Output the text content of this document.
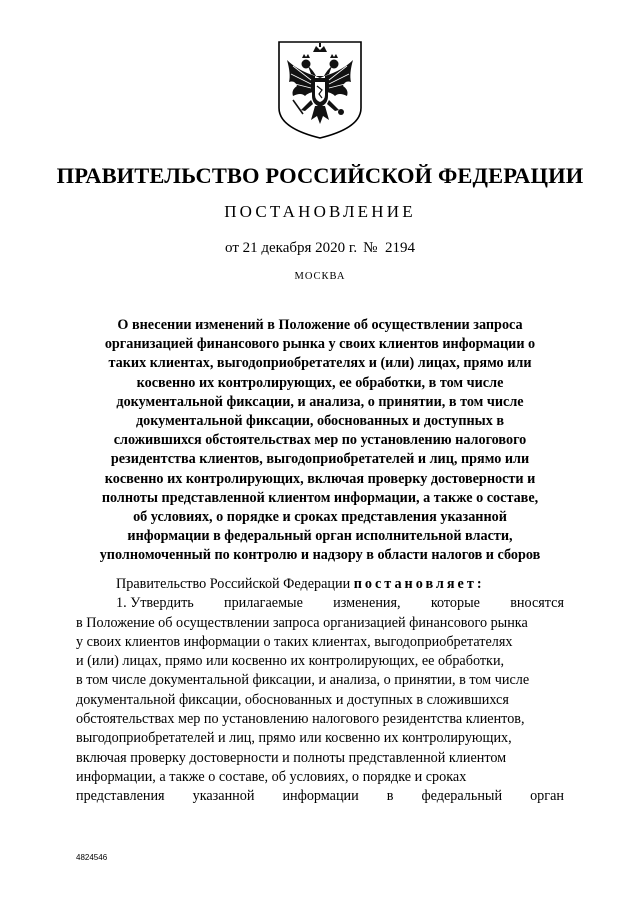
ПРАВИТЕЛЬСТВО РОССИЙСКОЙ ФЕДЕРАЦИИ
ПОСТАНОВЛЕНИЕ
от 21 декабря 2020 г. № 2194
МОСКВА
О внесении изменений в Положение об осуществлении запроса
организацией финансового рынка у своих клиентов информации о
таких клиентах, выгодоприобретателях и (или) лицах, прямо или
косвенно их контролирующих, ее обработки, в том числе
документальной фиксации, и анализа, о принятии, в том числе
документальной фиксации, обоснованных и доступных в
сложившихся обстоятельствах мер по установлению налогового
резидентства клиентов, выгодоприобретателей и лиц, прямо или
косвенно их контролирующих, включая проверку достоверности и
полноты представленной клиентом информации, а также о составе,
об условиях, о порядке и сроках представления указанной
информации в федеральный орган исполнительной власти,
уполномоченный по контролю и надзору в области налогов и сборов
Правительство Российской Федерации постановляет:
1. Утвердить прилагаемые изменения, которые вносятся
в Положение об осуществлении запроса организацией финансового рынка
у своих клиентов информации о таких клиентах, выгодоприобретателях
и (или) лицах, прямо или косвенно их контролирующих, ее обработки,
в том числе документальной фиксации, и анализа, о принятии, в том числе
документальной фиксации, обоснованных и доступных в сложившихся
обстоятельствах мер по установлению налогового резидентства клиентов,
выгодоприобретателей и лиц, прямо или косвенно их контролирующих,
включая проверку достоверности и полноты представленной клиентом
информации, а также о составе, об условиях, о порядке и сроках
представления указанной информации в федеральный орган
4824546
